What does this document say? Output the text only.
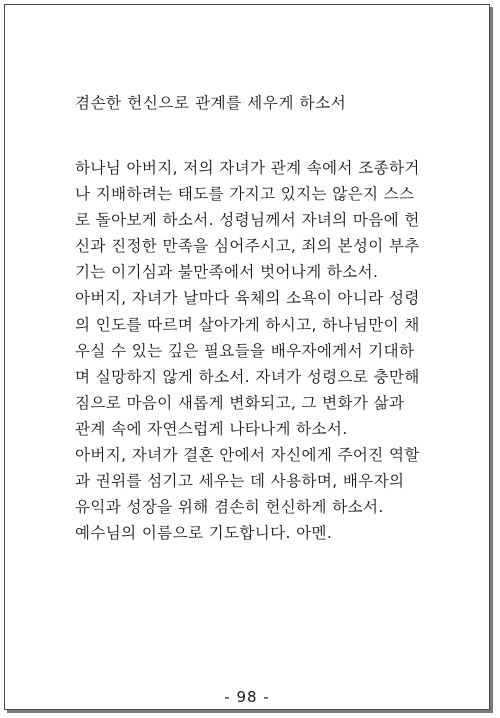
겸손한 헌신으로 관계를 세우게 하소서
하나님 아버지, 저의 자녀가 관계 속에서 조종하거
나 지배하려는 태도를 가지고 있지는 않은지 스스
로 돌아보게 하소서. 성령님께서 자녀의 마음에 헌
신과 진정한 만족을 심어주시고, 죄의 본성이 부추
기는 이기심과 불만족에서 벗어나게 하소서.
아버지, 자녀가 날마다 육체의 소욕이 아니라 성령
의 인도를 따르며 살아가게 하시고, 하나님만이 채
우실 수 있는 깊은 필요들을 배우자에게서 기대하
며 실망하지 않게 하소서. 자녀가 성령으로 충만해
짐으로 마음이 새롭게 변화되고, 그 변화가 삶과
관계 속에 자연스럽게 나타나게 하소서.
아버지, 자녀가 결혼 안에서 자신에게 주어진 역할
과 권위를 섬기고 세우는 데 사용하며, 배우자의
유익과 성장을 위해 겸손히 헌신하게 하소서.
예수님의 이름으로 기도합니다. 아멘.
- 98 -
